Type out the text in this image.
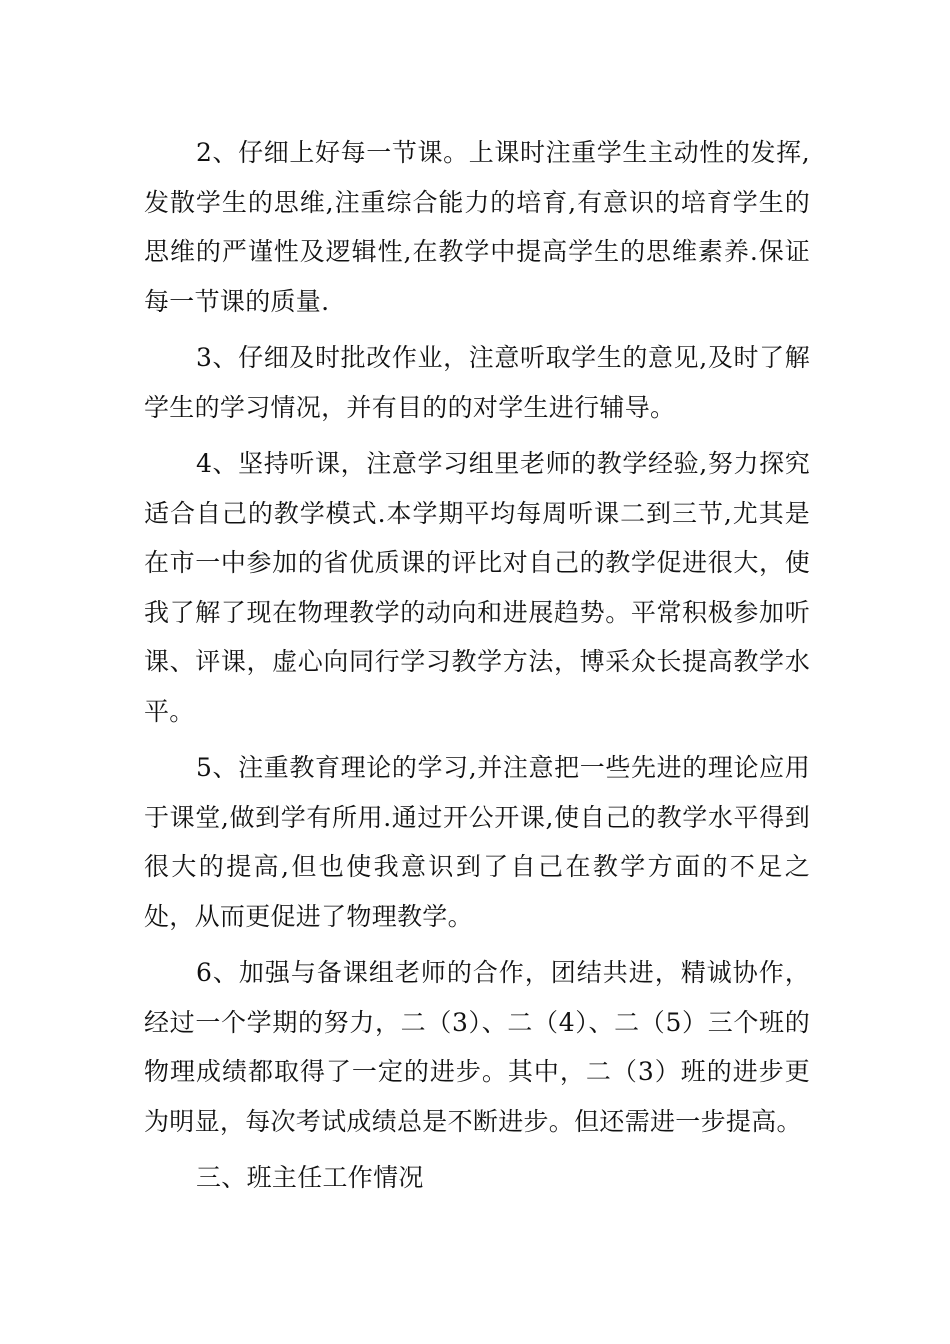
2、仔细上好每一节课。上课时注重学生主动性的发挥,发散学生的思维,注重综合能力的培育,有意识的培育学生的思维的严谨性及逻辑性,在教学中提高学生的思维素养.保证每一节课的质量.

3、仔细及时批改作业，注意听取学生的意见,及时了解学生的学习情况，并有目的的对学生进行辅导。

4、坚持听课，注意学习组里老师的教学经验,努力探究适合自己的教学模式.本学期平均每周听课二到三节,尤其是在市一中参加的省优质课的评比对自己的教学促进很大，使我了解了现在物理教学的动向和进展趋势。平常积极参加听课、评课，虚心向同行学习教学方法，博采众长提高教学水平。

5、注重教育理论的学习,并注意把一些先进的理论应用于课堂,做到学有所用.通过开公开课,使自己的教学水平得到很大的提高,但也使我意识到了自己在教学方面的不足之处，从而更促进了物理教学。

6、加强与备课组老师的合作，团结共进，精诚协作，经过一个学期的努力，二（3）、二（4）、二（5）三个班的物理成绩都取得了一定的进步。其中，二（3）班的进步更为明显，每次考试成绩总是不断进步。但还需进一步提高。

三、班主任工作情况
